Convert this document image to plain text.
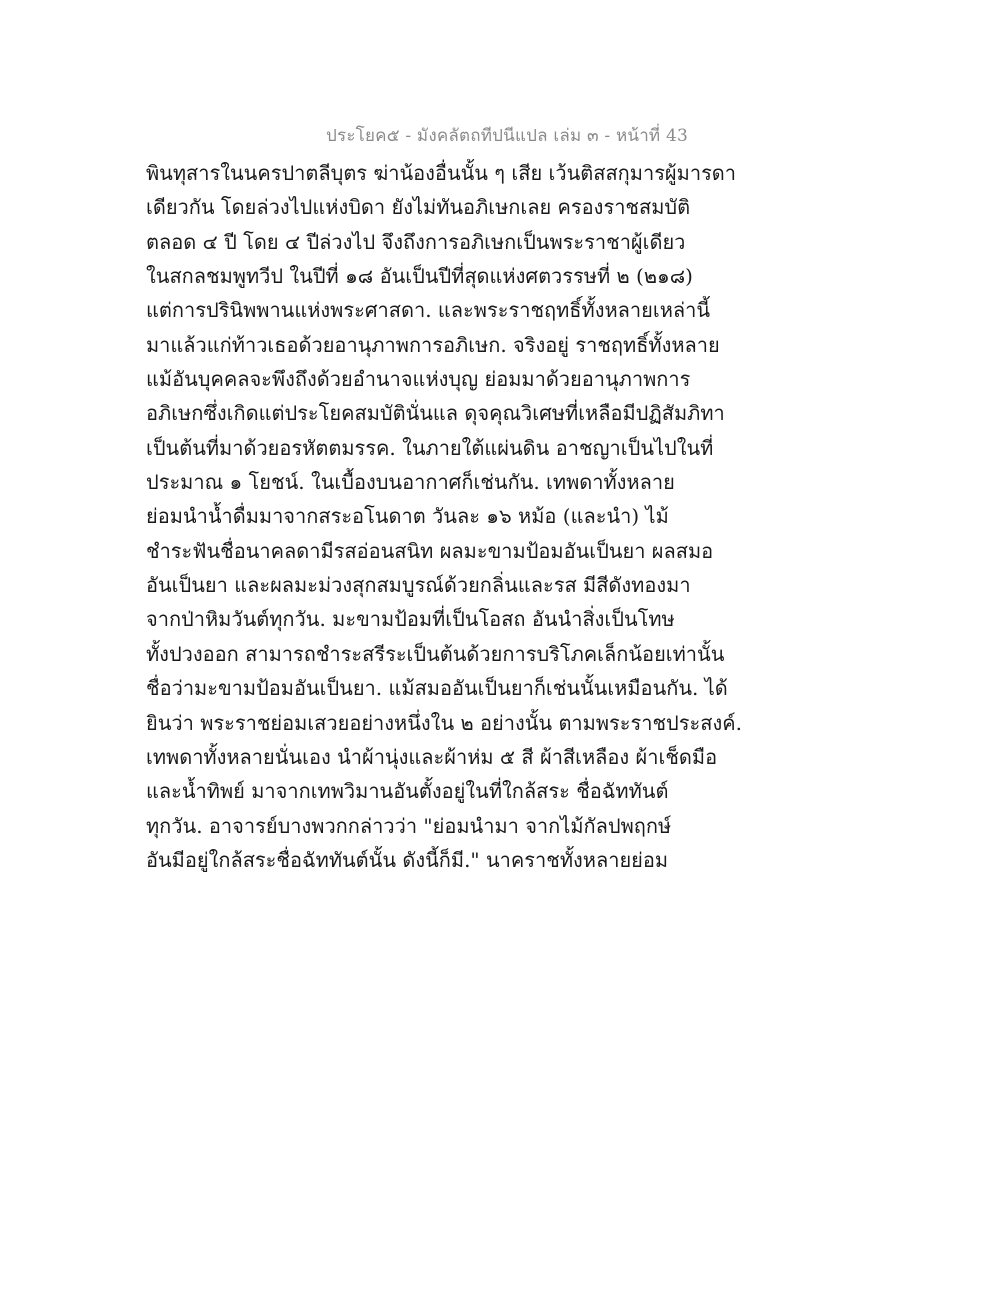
ประโยค๕ - มังคลัตถทีปนีแปล เล่ม ๓ - หน้าที่ 43
พินทุสารในนครปาตลีบุตร ฆ่าน้องอื่นนั้น ๆ เสีย เว้นติสสกุมารผู้มารดา
เดียวกัน โดยล่วงไปแห่งบิดา ยังไม่ทันอภิเษกเลย ครองราชสมบัติ
ตลอด ๔ ปี โดย ๔ ปีล่วงไป จึงถึงการอภิเษกเป็นพระราชาผู้เดียว
ในสกลชมพูทวีป ในปีที่ ๑๘ อันเป็นปีที่สุดแห่งศตวรรษที่ ๒ (๒๑๘)
แต่การปรินิพพานแห่งพระศาสดา. และพระราชฤทธิ์ทั้งหลายเหล่านี้
มาแล้วแก่ท้าวเธอด้วยอานุภาพการอภิเษก. จริงอยู่ ราชฤทธิ์ทั้งหลาย
แม้อันบุคคลจะพึงถึงด้วยอำนาจแห่งบุญ ย่อมมาด้วยอานุภาพการ
อภิเษกซึ่งเกิดแต่ประโยคสมบัตินั่นแล ดุจคุณวิเศษที่เหลือมีปฏิสัมภิทา
เป็นต้นที่มาด้วยอรหัตตมรรค. ในภายใต้แผ่นดิน อาชญาเป็นไปในที่
ประมาณ ๑ โยชน์. ในเบื้องบนอากาศก็เช่นกัน. เทพดาทั้งหลาย
ย่อมนำน้ำดื่มมาจากสระอโนดาต วันละ ๑๖ หม้อ (และนำ) ไม้
ชำระฟันชื่อนาคลดามีรสอ่อนสนิท ผลมะขามป้อมอันเป็นยา ผลสมอ
อันเป็นยา และผลมะม่วงสุกสมบูรณ์ด้วยกลิ่นและรส มีสีดังทองมา
จากป่าหิมวันต์ทุกวัน. มะขามป้อมที่เป็นโอสถ อันนำสิ่งเป็นโทษ
ทั้งปวงออก สามารถชำระสรีระเป็นต้นด้วยการบริโภคเล็กน้อยเท่านั้น
ชื่อว่ามะขามป้อมอันเป็นยา. แม้สมออันเป็นยาก็เช่นนั้นเหมือนกัน. ได้
ยินว่า พระราชย่อมเสวยอย่างหนึ่งใน ๒ อย่างนั้น ตามพระราชประสงค์.
เทพดาทั้งหลายนั่นเอง นำผ้านุ่งและผ้าห่ม ๕ สี ผ้าสีเหลือง ผ้าเช็ดมือ
และน้ำทิพย์ มาจากเทพวิมานอันตั้งอยู่ในที่ใกล้สระ ชื่อฉัททันต์
ทุกวัน. อาจารย์บางพวกกล่าวว่า "ย่อมนำมา จากไม้กัลปพฤกษ์
อันมีอยู่ใกล้สระชื่อฉัททันต์นั้น ดังนี้ก็มี." นาคราชทั้งหลายย่อม
